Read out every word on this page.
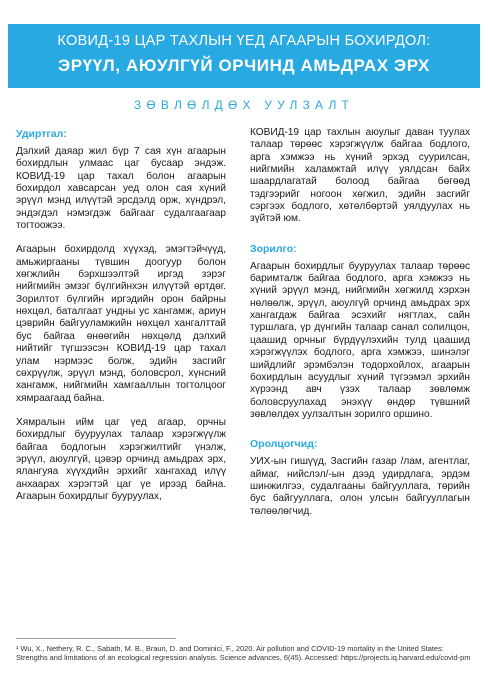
КОВИД-19 ЦАР ТАХЛЫН ҮЕД АГААРЫН БОХИРДОЛ:
ЭРҮҮЛ, АЮУЛГҮЙ ОРЧИНД АМЬДРАХ ЭРХ
ЗӨВЛӨЛДӨХ УУЛЗАЛТ
Удиртгал:

Дэлхий даяар жил бүр 7 сая хүн агаарын бохирдлын улмаас цаг бусаар эндэж. КОВИД-19 цар тахал болон агаарын бохирдол хавсарсан уед олон сая хүний эрүүл мэнд илүүтэй эрсдэлд орж, хүндрэл, эндэгдэл нэмэгдэж байгааг судалгаагаар тогтоожээ.

Агаарын бохирдолд хүүхэд, эмэгтэйчүүд, амьжиргааны түвшин доогуур болон хөгжлийн бэрхшээлтэй иргэд зэрэг нийгмийн эмзэг бүлгийнхэн илүүтэй өртдөг. Зорилтот бүлгийн иргэдийн орон байрны нөхцөл, баталгаат ундны ус хангамж, ариун цэврийн байгууламжийн нөхцөл хангалттай бус байгаа өнөөгийн нөхцөлд дэлхий нийтийг түгшээсэн КОВИД-19 цар тахал улам нэрмээс болж, эдийн засгийг сөхрүүлж, эрүүл мэнд, боловсрол, хүнсний хангамж, нийгмийн хамгааллын тогтолцоог хямраагаад байна.

Хямралын ийм цаг үед агаар, орчны бохирдлыг бууруулах талаар хэрэгжүүлж байгаа бодлогын хэрэгжилтийг үнэлж, эрүүл, аюулгүй, цэвэр орчинд амьдрах эрх, ялангуяа хүүхдийн эрхийг хангахад илүү анхаарах хэрэгтэй цаг үе ирээд байна. Агаарын бохирдлыг бууруулах,

КОВИД-19 цар тахлын аюулыг даван туулах талаар төрөөс хэрэгжүүлж байгаа бодлого, арга хэмжээ нь хүний эрхэд суурилсан, нийгмийн халамжтай илүү уялдсан байх шаардлагатай болоод байгаа бөгөөд тэдгээрийг ногоон хөгжил, эдийн засгийг сэргээх бодлого, хөтөлбөртэй уялдуулах нь зүйтэй юм.

Зорилго:

Агаарын бохирдлыг бууруулах талаар төрөөс баримталж байгаа бодлого, арга хэмжээ нь хүний эрүүл мэнд, нийгмийн хөгжилд хэрхэн нөлөөлж, эрүүл, аюулгүй орчинд амьдрах эрх хангагдаж байгаа эсэхийг нягтлах, сайн туршлага, үр дүнгийн талаар санал солилцон, цаашид орчныг бүрдүүлэхийн тулд цаашид хэрэгжүүлэх бодлого, арга хэмжээ, шинэлэг шийдлийг эрэмбэлэн тодорхойлох, агаарын бохирдлын асуудлыг хүний түгээмэл эрхийн хүрээнд авч үзэх талаар зөвлөмж боловсруулахад энэхүү өндөр түвшний зөвлөлдөх уулзалтын зорилго оршино.

Оролцогчид:

УИХ-ын гишүүд, Засгийн газар /лам, агентлаг, аймаг, нийслэл/-ын дээд удирдлага, эрдэм шинжилгээ, судалгааны байгууллага, төрийн бус байгууллага, олон улсын байгууллагын төлөөлөгчид.

¹ Wu, X., Nethery, R. C., Sabath, M. B., Braun, D. and Dominici, F., 2020. Air pollution and COVID-19 mortality in the United States: Strengths and limitations of an ecological regression analysis. Science advances, 6(45). Accessed: https://projects.iq.harvard.edu/covid-pm
